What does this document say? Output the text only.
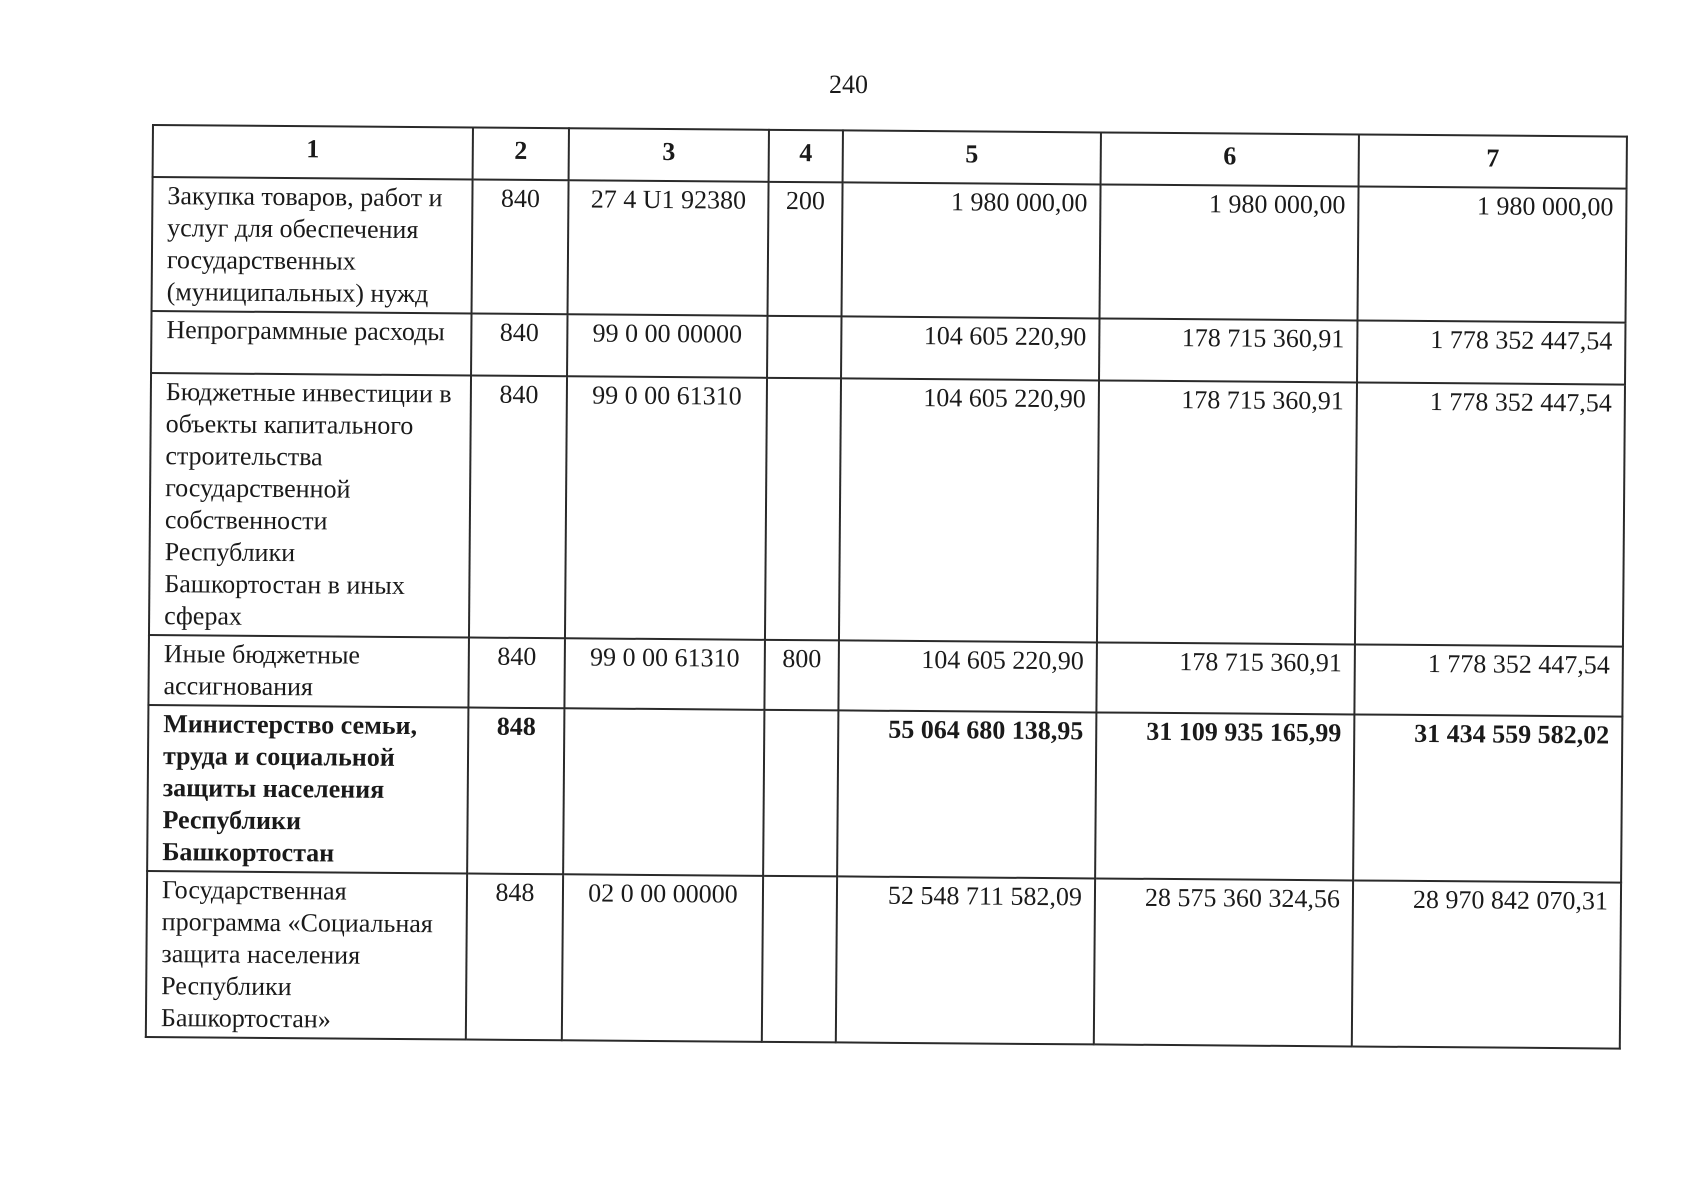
240
1	2	3	4	5	6	7
Закупка товаров, работ и услуг для обеспечения государственных (муниципальных) нужд	840	27 4 U1 92380	200	1 980 000,00	1 980 000,00	1 980 000,00
Непрограммные расходы	840	99 0 00 00000		104 605 220,90	178 715 360,91	1 778 352 447,54
Бюджетные инвестиции в объекты капитального строительства государственной собственности Республики Башкортостан в иных сферах	840	99 0 00 61310		104 605 220,90	178 715 360,91	1 778 352 447,54
Иные бюджетные ассигнования	840	99 0 00 61310	800	104 605 220,90	178 715 360,91	1 778 352 447,54
Министерство семьи, труда и социальной защиты населения Республики Башкортостан	848			55 064 680 138,95	31 109 935 165,99	31 434 559 582,02
Государственная программа «Социальная защита населения Республики Башкортостан»	848	02 0 00 00000		52 548 711 582,09	28 575 360 324,56	28 970 842 070,31
